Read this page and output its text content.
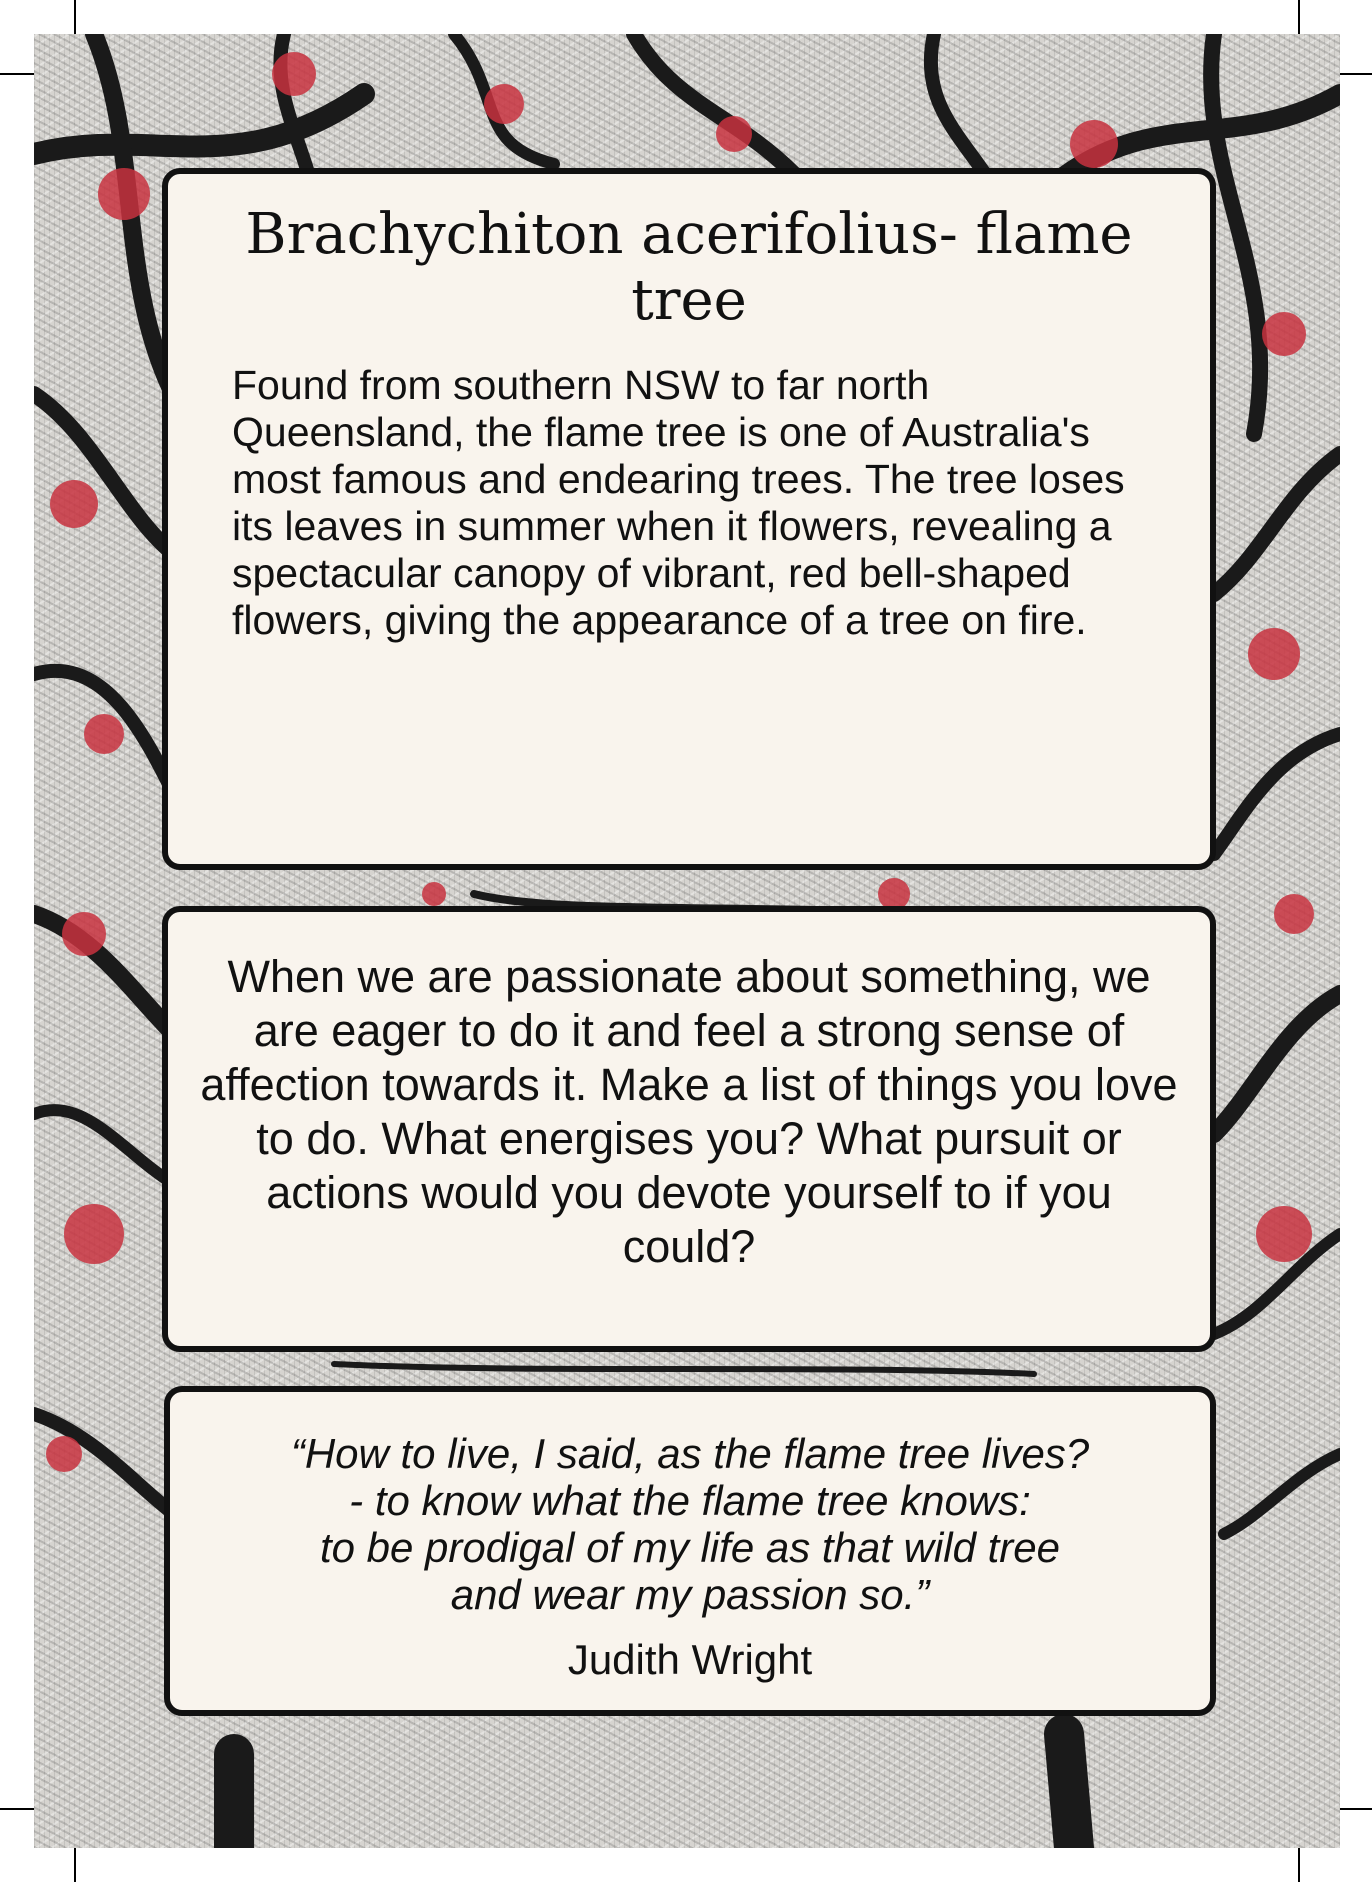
Brachychiton acerifolius- flame tree

Found from southern NSW to far north Queensland, the flame tree is one of Australia's most famous and endearing trees. The tree loses its leaves in summer when it flowers, revealing a spectacular canopy of vibrant, red bell-shaped flowers, giving the appearance of a tree on fire.

When we are passionate about something, we are eager to do it and feel a strong sense of affection towards it. Make a list of things you love to do. What energises you? What pursuit or actions would you devote yourself to if you could?

“How to live, I said, as the flame tree lives?
- to know what the flame tree knows:
to be prodigal of my life as that wild tree
and wear my passion so.”

Judith Wright
